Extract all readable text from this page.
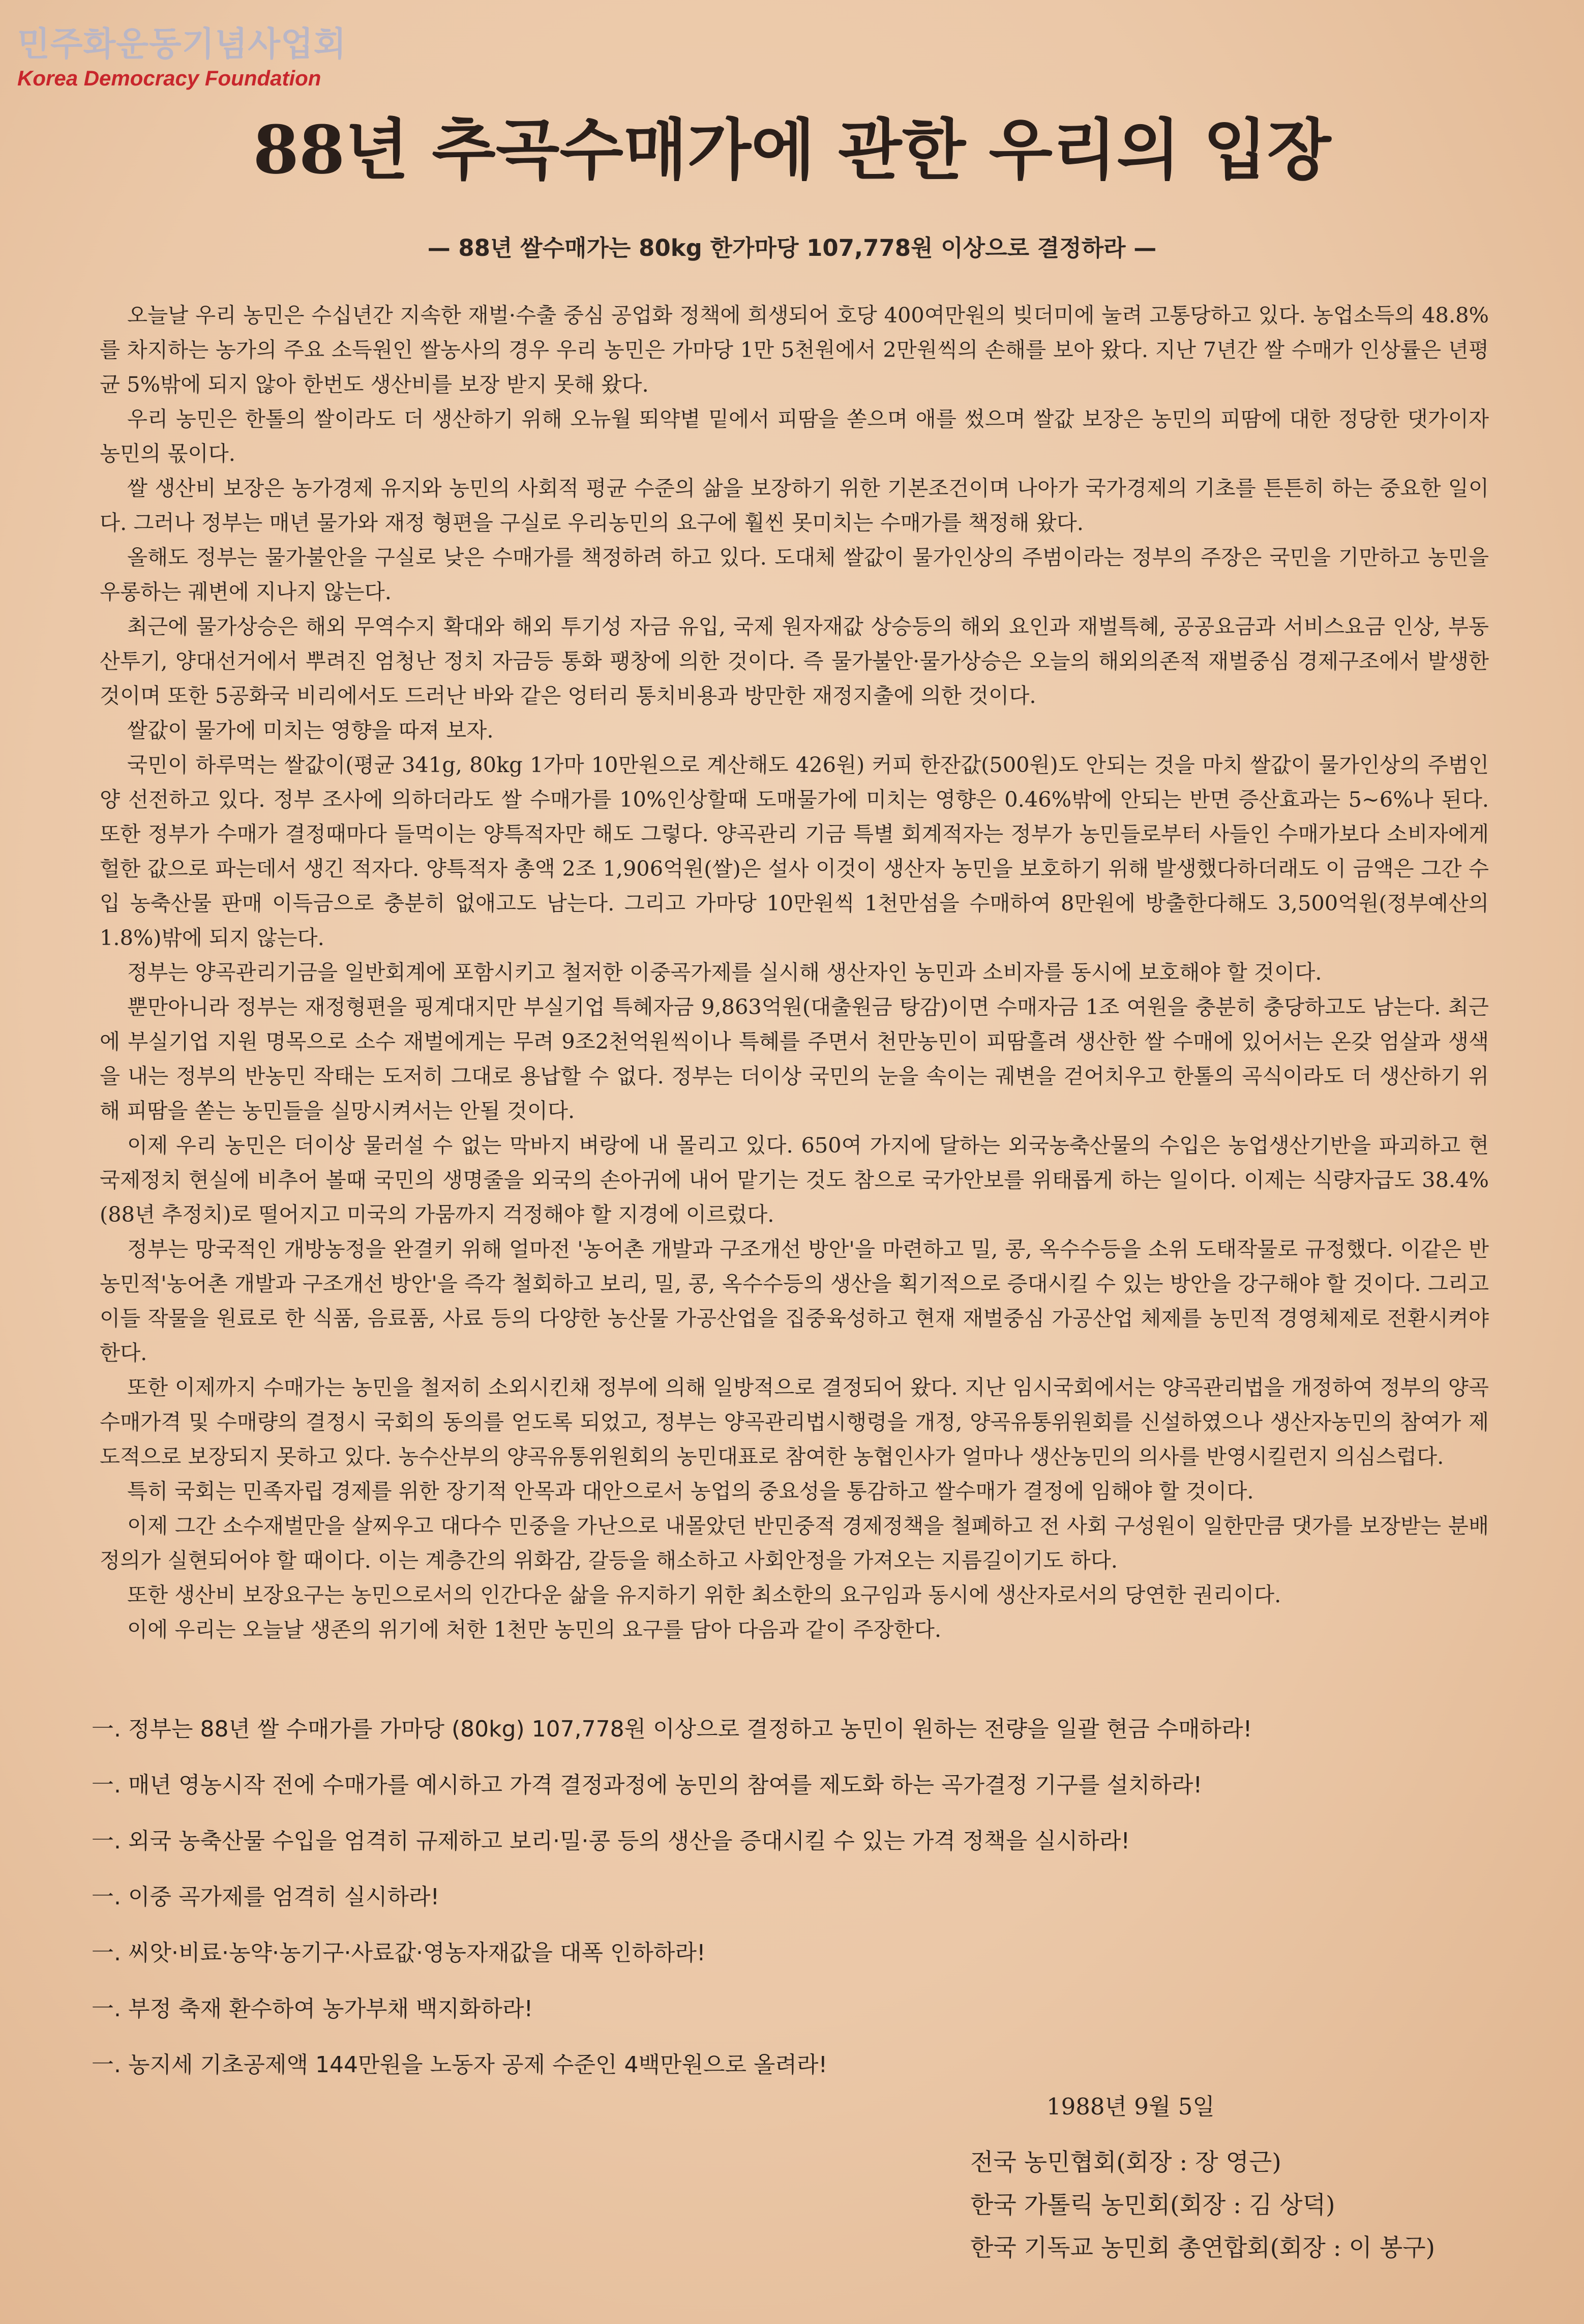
민주화운동기념사업회
Korea Democracy Foundation
88년 추곡수매가에 관한 우리의 입장
— 88년 쌀수매가는 80kg 한가마당 107,778원 이상으로 결정하라 —

오늘날 우리 농민은 수십년간 지속한 재벌·수출 중심 공업화 정책에 희생되어 호당 400여만원의 빚더미에 눌려 고통당하고 있다. 농업소득의 48.8%를 차지하는 농가의 주요 소득원인 쌀농사의 경우 우리 농민은 가마당 1만 5천원에서 2만원씩의 손해를 보아 왔다. 지난 7년간 쌀 수매가 인상률은 년평균 5%밖에 되지 않아 한번도 생산비를 보장 받지 못해 왔다.

우리 농민은 한톨의 쌀이라도 더 생산하기 위해 오뉴월 뙤약볕 밑에서 피땀을 쏟으며 애를 썼으며 쌀값 보장은 농민의 피땀에 대한 정당한 댓가이자 농민의 몫이다.

쌀 생산비 보장은 농가경제 유지와 농민의 사회적 평균 수준의 삶을 보장하기 위한 기본조건이며 나아가 국가경제의 기초를 튼튼히 하는 중요한 일이다. 그러나 정부는 매년 물가와 재정 형편을 구실로 우리농민의 요구에 훨씬 못미치는 수매가를 책정해 왔다.

올해도 정부는 물가불안을 구실로 낮은 수매가를 책정하려 하고 있다. 도대체 쌀값이 물가인상의 주범이라는 정부의 주장은 국민을 기만하고 농민을 우롱하는 궤변에 지나지 않는다.

최근에 물가상승은 해외 무역수지 확대와 해외 투기성 자금 유입, 국제 원자재값 상승등의 해외 요인과 재벌특혜, 공공요금과 서비스요금 인상, 부동산투기, 양대선거에서 뿌려진 엄청난 정치 자금등 통화 팽창에 의한 것이다. 즉 물가불안·물가상승은 오늘의 해외의존적 재벌중심 경제구조에서 발생한 것이며 또한 5공화국 비리에서도 드러난 바와 같은 엉터리 통치비용과 방만한 재정지출에 의한 것이다.

쌀값이 물가에 미치는 영향을 따져 보자.

국민이 하루먹는 쌀값이(평균 341g, 80kg 1가마 10만원으로 계산해도 426원) 커피 한잔값(500원)도 안되는 것을 마치 쌀값이 물가인상의 주범인양 선전하고 있다. 정부 조사에 의하더라도 쌀 수매가를 10%인상할때 도매물가에 미치는 영향은 0.46%밖에 안되는 반면 증산효과는 5~6%나 된다. 또한 정부가 수매가 결정때마다 들먹이는 양특적자만 해도 그렇다. 양곡관리 기금 특별 회계적자는 정부가 농민들로부터 사들인 수매가보다 소비자에게 헐한 값으로 파는데서 생긴 적자다. 양특적자 총액 2조 1,906억원(쌀)은 설사 이것이 생산자 농민을 보호하기 위해 발생했다하더래도 이 금액은 그간 수입 농축산물 판매 이득금으로 충분히 없애고도 남는다. 그리고 가마당 10만원씩 1천만섬을 수매하여 8만원에 방출한다해도 3,500억원(정부예산의 1.8%)밖에 되지 않는다.

정부는 양곡관리기금을 일반회계에 포함시키고 철저한 이중곡가제를 실시해 생산자인 농민과 소비자를 동시에 보호해야 할 것이다.

뿐만아니라 정부는 재정형편을 핑계대지만 부실기업 특혜자금 9,863억원(대출원금 탕감)이면 수매자금 1조 여원을 충분히 충당하고도 남는다. 최근에 부실기업 지원 명목으로 소수 재벌에게는 무려 9조2천억원씩이나 특혜를 주면서 천만농민이 피땀흘려 생산한 쌀 수매에 있어서는 온갖 엄살과 생색을 내는 정부의 반농민 작태는 도저히 그대로 용납할 수 없다. 정부는 더이상 국민의 눈을 속이는 궤변을 걷어치우고 한톨의 곡식이라도 더 생산하기 위해 피땀을 쏟는 농민들을 실망시켜서는 안될 것이다.

이제 우리 농민은 더이상 물러설 수 없는 막바지 벼랑에 내 몰리고 있다. 650여 가지에 달하는 외국농축산물의 수입은 농업생산기반을 파괴하고 현 국제정치 현실에 비추어 볼때 국민의 생명줄을 외국의 손아귀에 내어 맡기는 것도 참으로 국가안보를 위태롭게 하는 일이다. 이제는 식량자급도 38.4%(88년 추정치)로 떨어지고 미국의 가뭄까지 걱정해야 할 지경에 이르렀다.

정부는 망국적인 개방농정을 완결키 위해 얼마전 '농어촌 개발과 구조개선 방안'을 마련하고 밀, 콩, 옥수수등을 소위 도태작물로 규정했다. 이같은 반농민적'농어촌 개발과 구조개선 방안'을 즉각 철회하고 보리, 밀, 콩, 옥수수등의 생산을 획기적으로 증대시킬 수 있는 방안을 강구해야 할 것이다. 그리고 이들 작물을 원료로 한 식품, 음료품, 사료 등의 다양한 농산물 가공산업을 집중육성하고 현재 재벌중심 가공산업 체제를 농민적 경영체제로 전환시켜야 한다.

또한 이제까지 수매가는 농민을 철저히 소외시킨채 정부에 의해 일방적으로 결정되어 왔다. 지난 임시국회에서는 양곡관리법을 개정하여 정부의 양곡수매가격 및 수매량의 결정시 국회의 동의를 얻도록 되었고, 정부는 양곡관리법시행령을 개정, 양곡유통위원회를 신설하였으나 생산자농민의 참여가 제도적으로 보장되지 못하고 있다. 농수산부의 양곡유통위원회의 농민대표로 참여한 농협인사가 얼마나 생산농민의 의사를 반영시킬런지 의심스럽다.

특히 국회는 민족자립 경제를 위한 장기적 안목과 대안으로서 농업의 중요성을 통감하고 쌀수매가 결정에 임해야 할 것이다.

이제 그간 소수재벌만을 살찌우고 대다수 민중을 가난으로 내몰았던 반민중적 경제정책을 철폐하고 전 사회 구성원이 일한만큼 댓가를 보장받는 분배 정의가 실현되어야 할 때이다. 이는 계층간의 위화감, 갈등을 해소하고 사회안정을 가져오는 지름길이기도 하다.

또한 생산비 보장요구는 농민으로서의 인간다운 삶을 유지하기 위한 최소한의 요구임과 동시에 생산자로서의 당연한 권리이다.

이에 우리는 오늘날 생존의 위기에 처한 1천만 농민의 요구를 담아 다음과 같이 주장한다.

一. 정부는 88년 쌀 수매가를 가마당 (80kg) 107,778원 이상으로 결정하고 농민이 원하는 전량을 일괄 현금 수매하라!
一. 매년 영농시작 전에 수매가를 예시하고 가격 결정과정에 농민의 참여를 제도화 하는 곡가결정 기구를 설치하라!
一. 외국 농축산물 수입을 엄격히 규제하고 보리·밀·콩 등의 생산을 증대시킬 수 있는 가격 정책을 실시하라!
一. 이중 곡가제를 엄격히 실시하라!
一. 씨앗·비료·농약·농기구·사료값·영농자재값을 대폭 인하하라!
一. 부정 축재 환수하여 농가부채 백지화하라!
一. 농지세 기초공제액 144만원을 노동자 공제 수준인 4백만원으로 올려라!
1988년 9월 5일
전국 농민협회(회장 : 장 영근)
한국 가톨릭 농민회(회장 : 김 상덕)
한국 기독교 농민회 총연합회(회장 : 이 봉구)
